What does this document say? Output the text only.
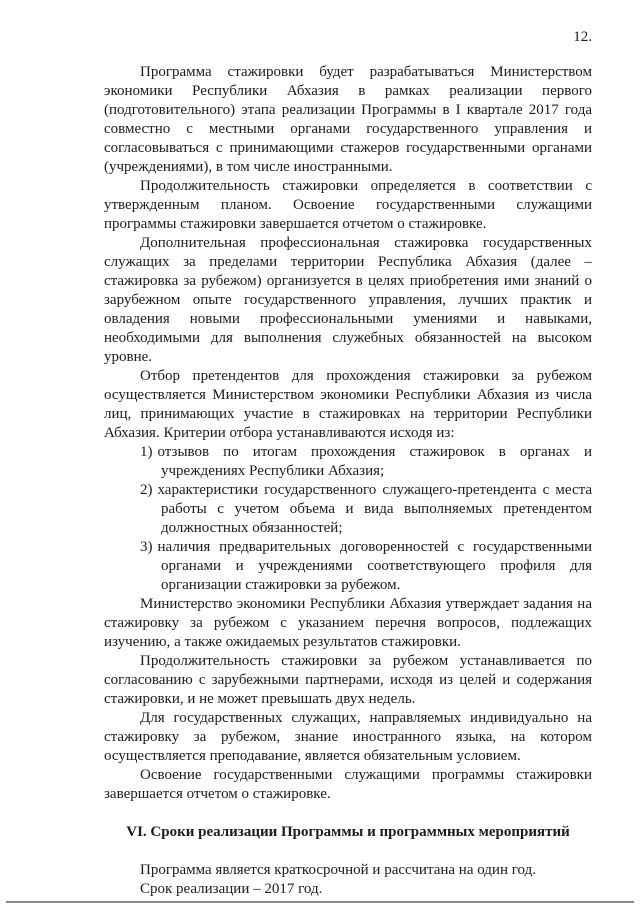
12.

Программа стажировки будет разрабатываться Министерством экономики Республики Абхазия в рамках реализации первого (подготовительного) этапа реализации Программы в I квартале 2017 года совместно с местными органами государственного управления и согласовываться с принимающими стажеров государственными органами (учреждениями), в том числе иностранными.

Продолжительность стажировки определяется в соответствии с утвержденным планом. Освоение государственными служащими программы стажировки завершается отчетом о стажировке.

Дополнительная профессиональная стажировка государственных служащих за пределами территории Республика Абхазия (далее – стажировка за рубежом) организуется в целях приобретения ими знаний о зарубежном опыте государственного управления, лучших практик и овладения новыми профессиональными умениями и навыками, необходимыми для выполнения служебных обязанностей на высоком уровне.

Отбор претендентов для прохождения стажировки за рубежом осуществляется Министерством экономики Республики Абхазия из числа лиц, принимающих участие в стажировках на территории Республики Абхазия. Критерии отбора устанавливаются исходя из:

1) отзывов по итогам прохождения стажировок в органах и учреждениях Республики Абхазия;
2) характеристики государственного служащего-претендента с места работы с учетом объема и вида выполняемых претендентом должностных обязанностей;
3) наличия предварительных договоренностей с государственными органами и учреждениями соответствующего профиля для организации стажировки за рубежом.

Министерство экономики Республики Абхазия утверждает задания на стажировку за рубежом с указанием перечня вопросов, подлежащих изучению, а также ожидаемых результатов стажировки.

Продолжительность стажировки за рубежом устанавливается по согласованию с зарубежными партнерами, исходя из целей и содержания стажировки, и не может превышать двух недель.

Для государственных служащих, направляемых индивидуально на стажировку за рубежом, знание иностранного языка, на котором осуществляется преподавание, является обязательным условием.

Освоение государственными служащими программы стажировки завершается отчетом о стажировке.

VI. Сроки реализации Программы и программных мероприятий

Программа является краткосрочной и рассчитана на один год.

Срок реализации – 2017 год.
